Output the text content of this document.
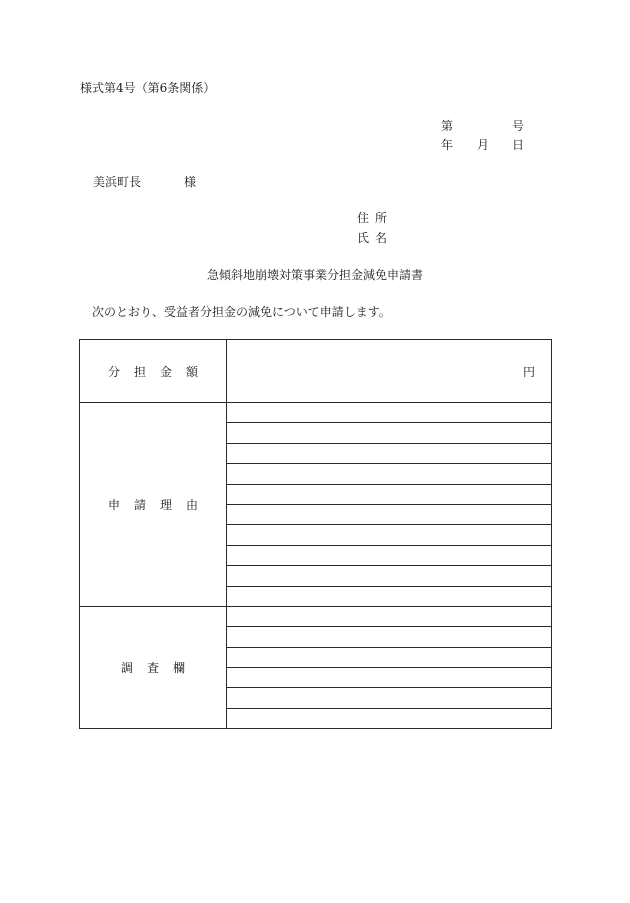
様式第4号（第6条関係）
第	号
年 月 日
美浜町長	様
住所
氏名
急傾斜地崩壊対策事業分担金減免申請書
次のとおり、受益者分担金の減免について申請します。
分担金額	円
申請理由	

調査欄	
